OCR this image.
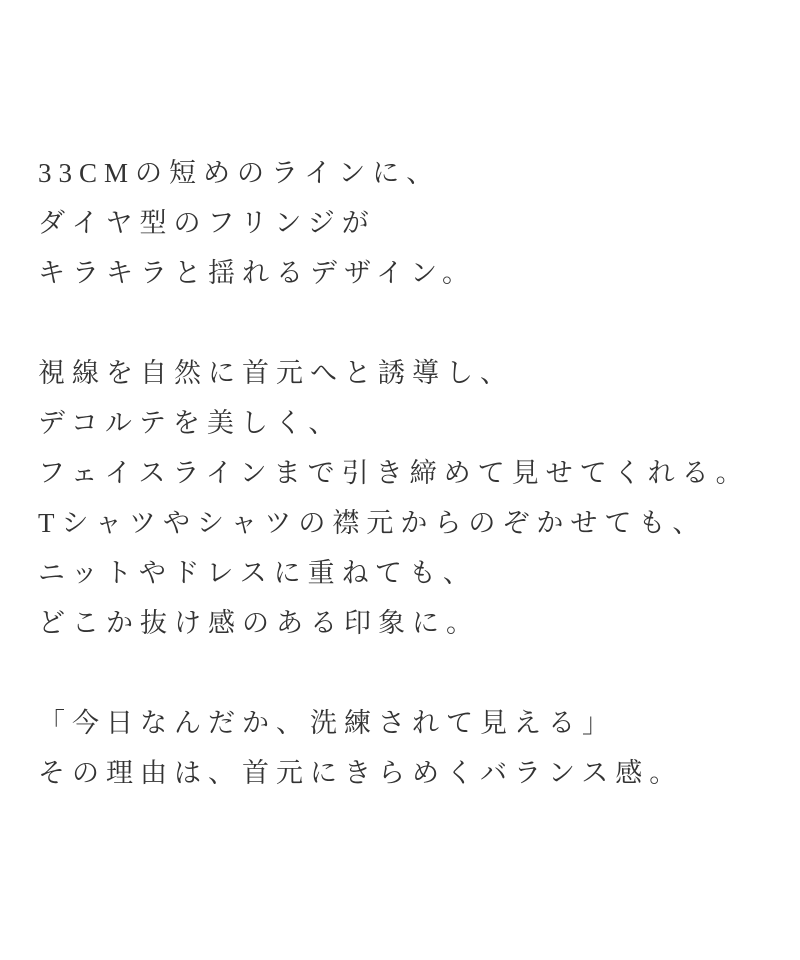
33CMの短めのラインに、
ダイヤ型のフリンジが
キラキラと揺れるデザイン。
視線を自然に首元へと誘導し、
デコルテを美しく、
フェイスラインまで引き締めて見せてくれる。
Tシャツやシャツの襟元からのぞかせても、
ニットやドレスに重ねても、
どこか抜け感のある印象に。
「今日なんだか、洗練されて見える」
その理由は、首元にきらめくバランス感。
